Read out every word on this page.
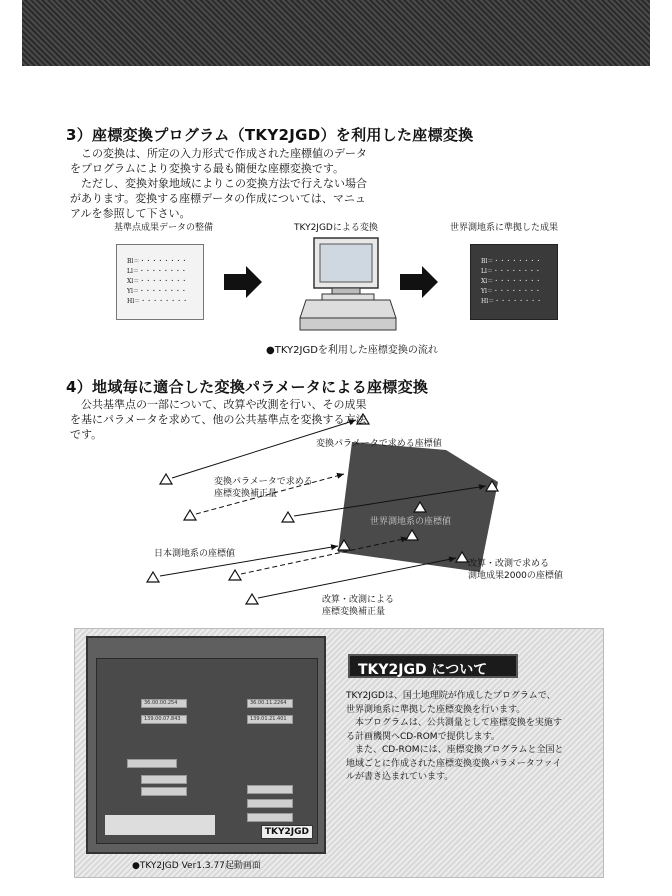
3）座標変換プログラム（TKY2JGD）を利用した座標変換

この変換は、所定の入力形式で作成された座標値のデータ

をプログラムにより変換する最も簡便な座標変換です。

ただし、変換対象地域によりこの変換方法で行えない場合

があります。変換する座標データの作成については、マニュ

アルを参照して下さい。

基準点成果データの整備	TKY2JGDによる変換	世界測地系に準拠した成果
Bl＝・・・・・・・・
Ll＝・・・・・・・・
Xl＝・・・・・・・・
Yl＝・・・・・・・・
Hl＝・・・・・・・・
Bl＝・・・・・・・・
Ll＝・・・・・・・・
Xl＝・・・・・・・・
Yl＝・・・・・・・・
Hl＝・・・・・・・・
●TKY2JGDを利用した座標変換の流れ
4）地域毎に適合した変換パラメータによる座標変換

公共基準点の一部について、改算や改測を行い、その成果

を基にパラメータを求めて、他の公共基準点を変換する方法

です。

変換パラメータで求める座標値
変換パラメータで求める
座標変換補正量
世界測地系の座標値
日本測地系の座標値
改算・改測で求める
測地成果2000の座標値
改算・改測による
座標変換補正量
36.00.00.254
139.00.07.843
36.00.11.2264
139.01.21.401
TKY2JGD
●TKY2JGD Ver1.3.77起動画面
TKY2JGD について

TKY2JGDは、国土地理院が作成したプログラムで、

世界測地系に準拠した座標変換を行います。

　本プログラムは、公共測量として座標変換を実施す

る計画機関へCD-ROMで提供します。

　また、CD-ROMには、座標変換プログラムと全国と

地域ごとに作成された座標変換変換パラメータファイ

ルが書き込まれています。
